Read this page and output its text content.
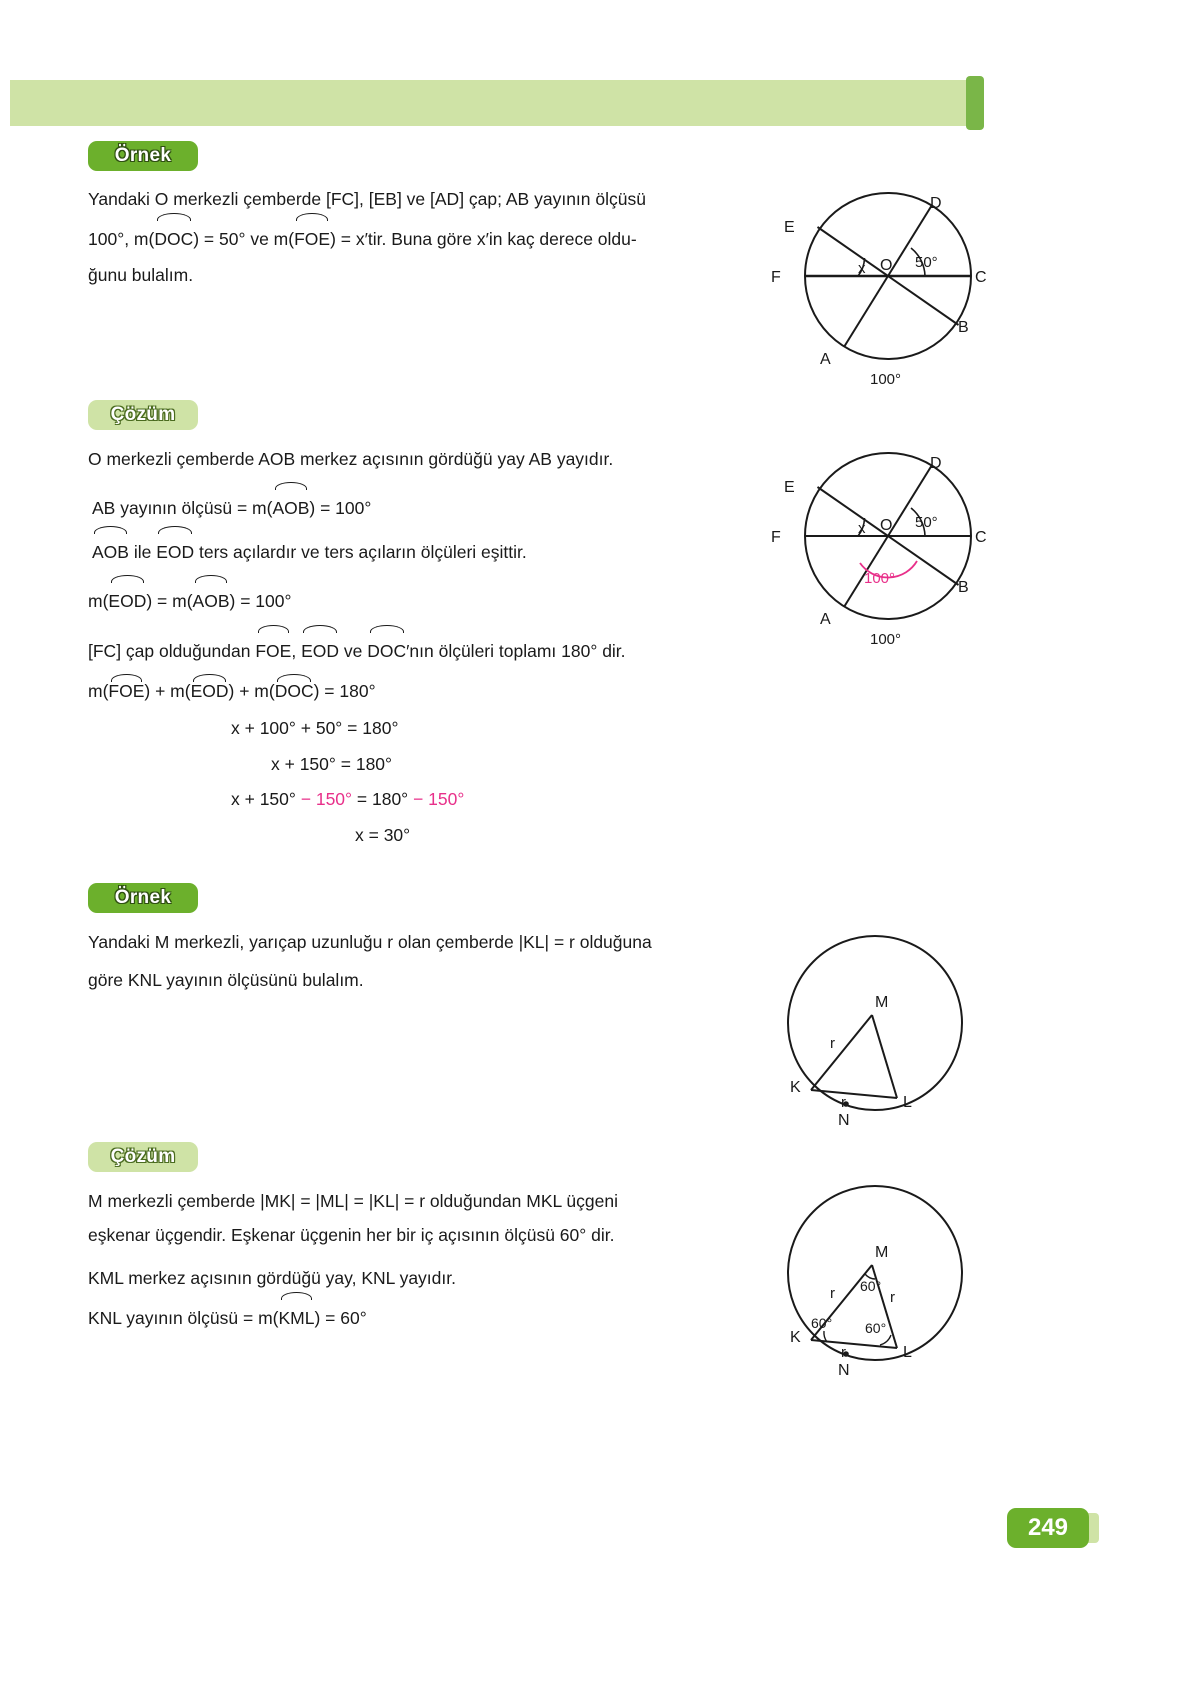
Örnek
Yandaki O merkezli çemberde [FC], [EB] ve [AD] çap; AB yayının ölçüsü
100°, m(DOC) = 50° ve m(FOE) = x′tir. Buna göre x′in kaç derece oldu-
ğunu bulalım.
D
E
F	C
B
A
O
x	50°
100°
Çözüm
O merkezli çemberde AOB merkez açısının gördüğü yay AB yayıdır.
AB yayının ölçüsü = m(AOB) = 100°
AOB ile EOD ters açılardır ve ters açıların ölçüleri eşittir.
m(EOD) = m(AOB) = 100°
[FC] çap olduğundan FOE, EOD ve DOC′nın ölçüleri toplamı 180° dir.
m(FOE) + m(EOD) + m(DOC) = 180°
x + 100° + 50° = 180°
x + 150° = 180°
x + 150° − 150° = 180° − 150°
x = 30°
D
E
F	C
B
A
O
x	50°
100°
100°
Örnek
Yandaki M merkezli, yarıçap uzunluğu r olan çemberde |KL| = r olduğuna
göre KNL yayının ölçüsünü bulalım.
M
K
L
N
r
r
Çözüm
M merkezli çemberde |MK| = |ML| = |KL| = r olduğundan MKL üçgeni
eşkenar üçgendir. Eşkenar üçgenin her bir iç açısının ölçüsü 60° dir.
KML merkez açısının gördüğü yay, KNL yayıdır.
KNL yayının ölçüsü = m(KML) = 60°
M
K
L
N
r	r
r
60°
60° 60°
249
